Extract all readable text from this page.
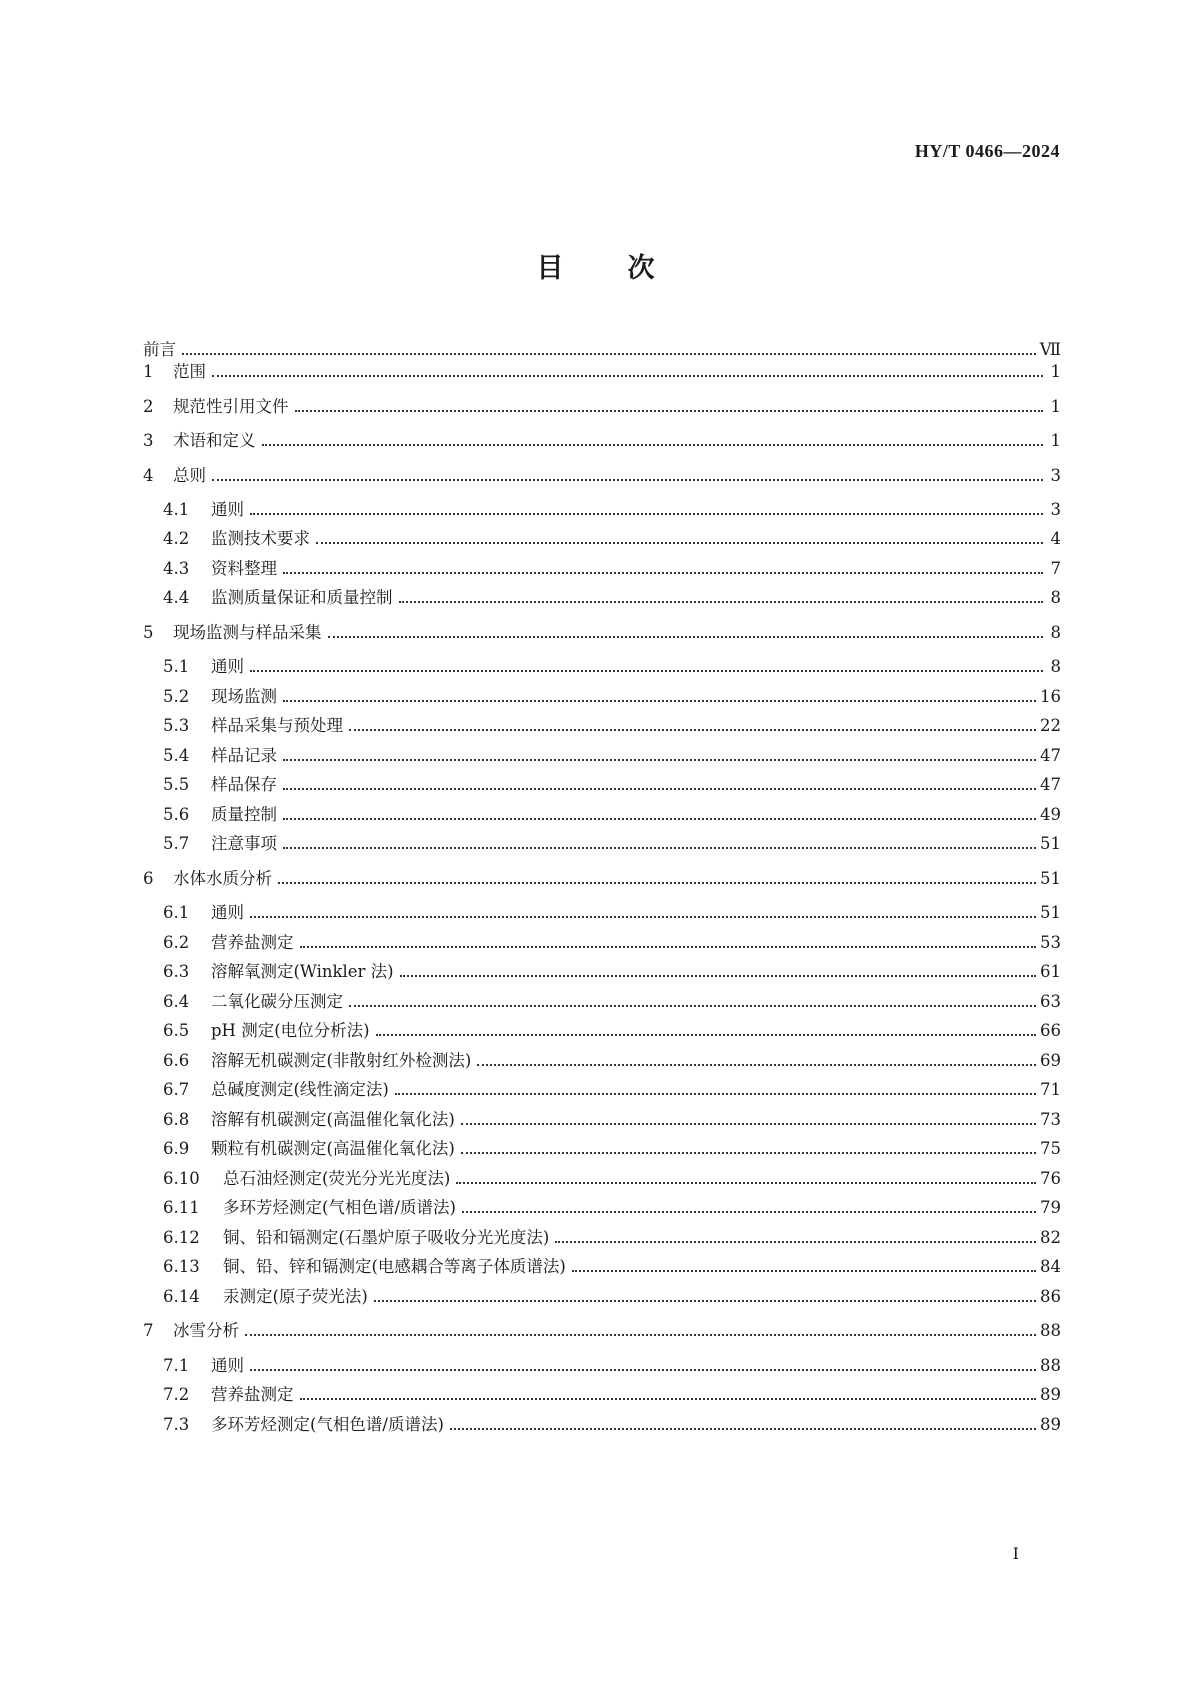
HY/T 0466—2024
目 次
前言	Ⅶ
1	范围	1
2	规范性引用文件	1
3	术语和定义	1
4	总则	3
4.1	通则	3
4.2	监测技术要求	4
4.3	资料整理	7
4.4	监测质量保证和质量控制	8
5	现场监测与样品采集	8
5.1	通则	8
5.2	现场监测	16
5.3	样品采集与预处理	22
5.4	样品记录	47
5.5	样品保存	47
5.6	质量控制	49
5.7	注意事项	51
6	水体水质分析	51
6.1	通则	51
6.2	营养盐测定	53
6.3	溶解氧测定(Winkler 法)	61
6.4	二氧化碳分压测定	63
6.5	pH 测定(电位分析法)	66
6.6	溶解无机碳测定(非散射红外检测法)	69
6.7	总碱度测定(线性滴定法)	71
6.8	溶解有机碳测定(高温催化氧化法)	73
6.9	颗粒有机碳测定(高温催化氧化法)	75
6.10	总石油烃测定(荧光分光光度法)	76
6.11	多环芳烃测定(气相色谱/质谱法)	79
6.12	铜、铅和镉测定(石墨炉原子吸收分光光度法)	82
6.13	铜、铅、锌和镉测定(电感耦合等离子体质谱法)	84
6.14	汞测定(原子荧光法)	86
7	冰雪分析	88
7.1	通则	88
7.2	营养盐测定	89
7.3	多环芳烃测定(气相色谱/质谱法)	89
I
